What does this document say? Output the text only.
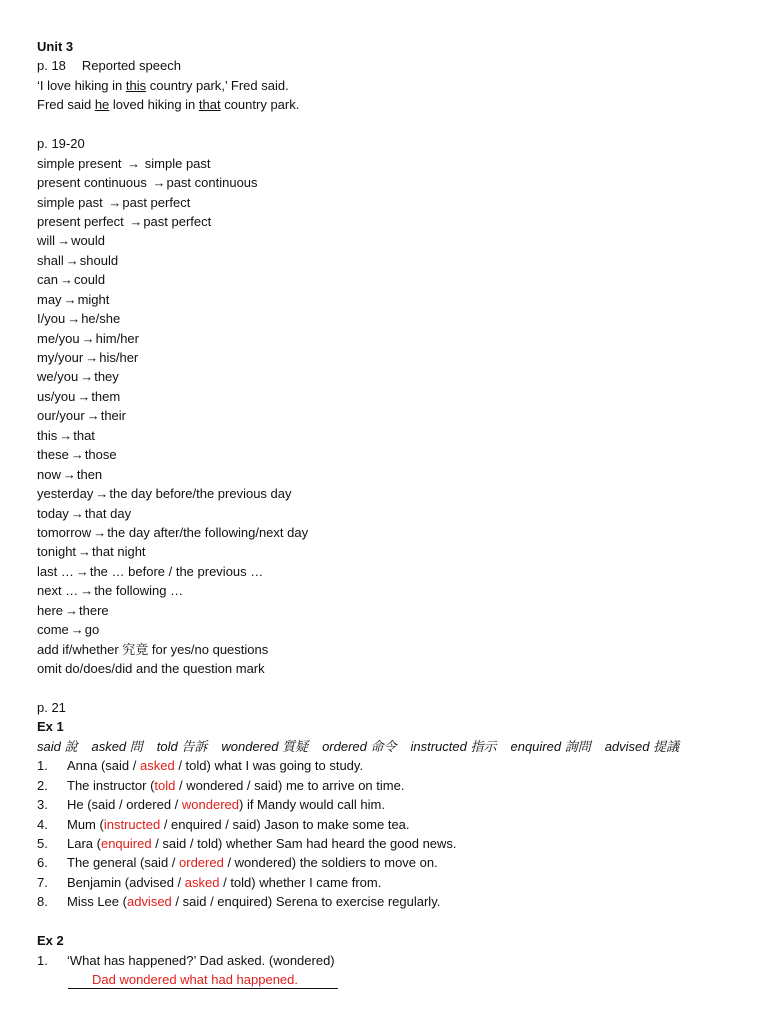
Unit 3
p. 18 Reported speech
‘I love hiking in this country park,’ Fred said.
Fred said he loved hiking in that country park.
p. 19-20
simple present → simple past
present continuous →past continuous
simple past →past perfect
present perfect →past perfect
will →would
shall →should
can →could
may →might
I/you →he/she
me/you →him/her
my/your →his/her
we/you →they
us/you →them
our/your →their
this →that
these →those
now →then
yesterday →the day before/the previous day
today →that day
tomorrow →the day after/the following/next day
tonight →that night
last … →the … before / the previous …
next … →the following …
here →there
come →go
add if/whether 究竟 for yes/no questions
omit do/does/did and the question mark
p. 21
Ex 1
said 說 asked 問 told 告訴 wondered 質疑 ordered 命令 instructed 指示 enquired 詢問 advised 提議
1. Anna (said / asked / told) what I was going to study.
2. The instructor (told / wondered / said) me to arrive on time.
3. He (said / ordered / wondered) if Mandy would call him.
4. Mum (instructed / enquired / said) Jason to make some tea.
5. Lara (enquired / said / told) whether Sam had heard the good news.
6. The general (said / ordered / wondered) the soldiers to move on.
7. Benjamin (advised / asked / told) whether I came from.
8. Miss Lee (advised / said / enquired) Serena to exercise regularly.
Ex 2
1. ‘What has happened?’ Dad asked. (wondered)
Dad wondered what had happened.
